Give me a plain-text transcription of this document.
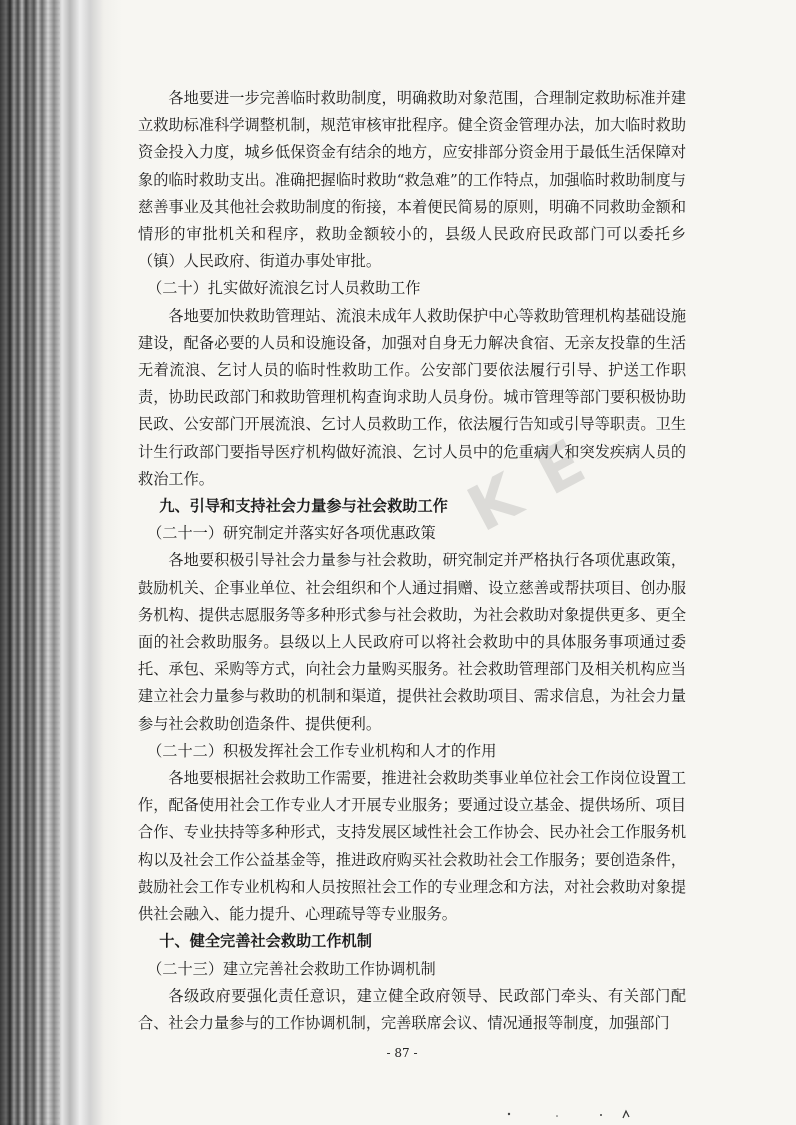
K E

各地要进一步完善临时救助制度，明确救助对象范围，合理制定救助标准并建立救助标准科学调整机制，规范审核审批程序。健全资金管理办法，加大临时救助资金投入力度，城乡低保资金有结余的地方，应安排部分资金用于最低生活保障对象的临时救助支出。准确把握临时救助“救急难”的工作特点，加强临时救助制度与慈善事业及其他社会救助制度的衔接，本着便民简易的原则，明确不同救助金额和情形的审批机关和程序，救助金额较小的，县级人民政府民政部门可以委托乡（镇）人民政府、街道办事处审批。

（二十）扎实做好流浪乞讨人员救助工作

各地要加快救助管理站、流浪未成年人救助保护中心等救助管理机构基础设施建设，配备必要的人员和设施设备，加强对自身无力解决食宿、无亲友投靠的生活无着流浪、乞讨人员的临时性救助工作。公安部门要依法履行引导、护送工作职责，协助民政部门和救助管理机构查询求助人员身份。城市管理等部门要积极协助民政、公安部门开展流浪、乞讨人员救助工作，依法履行告知或引导等职责。卫生计生行政部门要指导医疗机构做好流浪、乞讨人员中的危重病人和突发疾病人员的救治工作。

九、引导和支持社会力量参与社会救助工作

（二十一）研究制定并落实好各项优惠政策

各地要积极引导社会力量参与社会救助，研究制定并严格执行各项优惠政策，鼓励机关、企事业单位、社会组织和个人通过捐赠、设立慈善或帮扶项目、创办服务机构、提供志愿服务等多种形式参与社会救助，为社会救助对象提供更多、更全面的社会救助服务。县级以上人民政府可以将社会救助中的具体服务事项通过委托、承包、采购等方式，向社会力量购买服务。社会救助管理部门及相关机构应当建立社会力量参与救助的机制和渠道，提供社会救助项目、需求信息，为社会力量参与社会救助创造条件、提供便利。

（二十二）积极发挥社会工作专业机构和人才的作用

各地要根据社会救助工作需要，推进社会救助类事业单位社会工作岗位设置工作，配备使用社会工作专业人才开展专业服务；要通过设立基金、提供场所、项目合作、专业扶持等多种形式，支持发展区域性社会工作协会、民办社会工作服务机构以及社会工作公益基金等，推进政府购买社会救助社会工作服务；要创造条件，鼓励社会工作专业机构和人员按照社会工作的专业理念和方法，对社会救助对象提供社会融入、能力提升、心理疏导等专业服务。

十、健全完善社会救助工作机制

（二十三）建立完善社会救助工作协调机制

各级政府要强化责任意识，建立健全政府领导、民政部门牵头、有关部门配合、社会力量参与的工作协调机制，完善联席会议、情况通报等制度，加强部门

- 87 -
